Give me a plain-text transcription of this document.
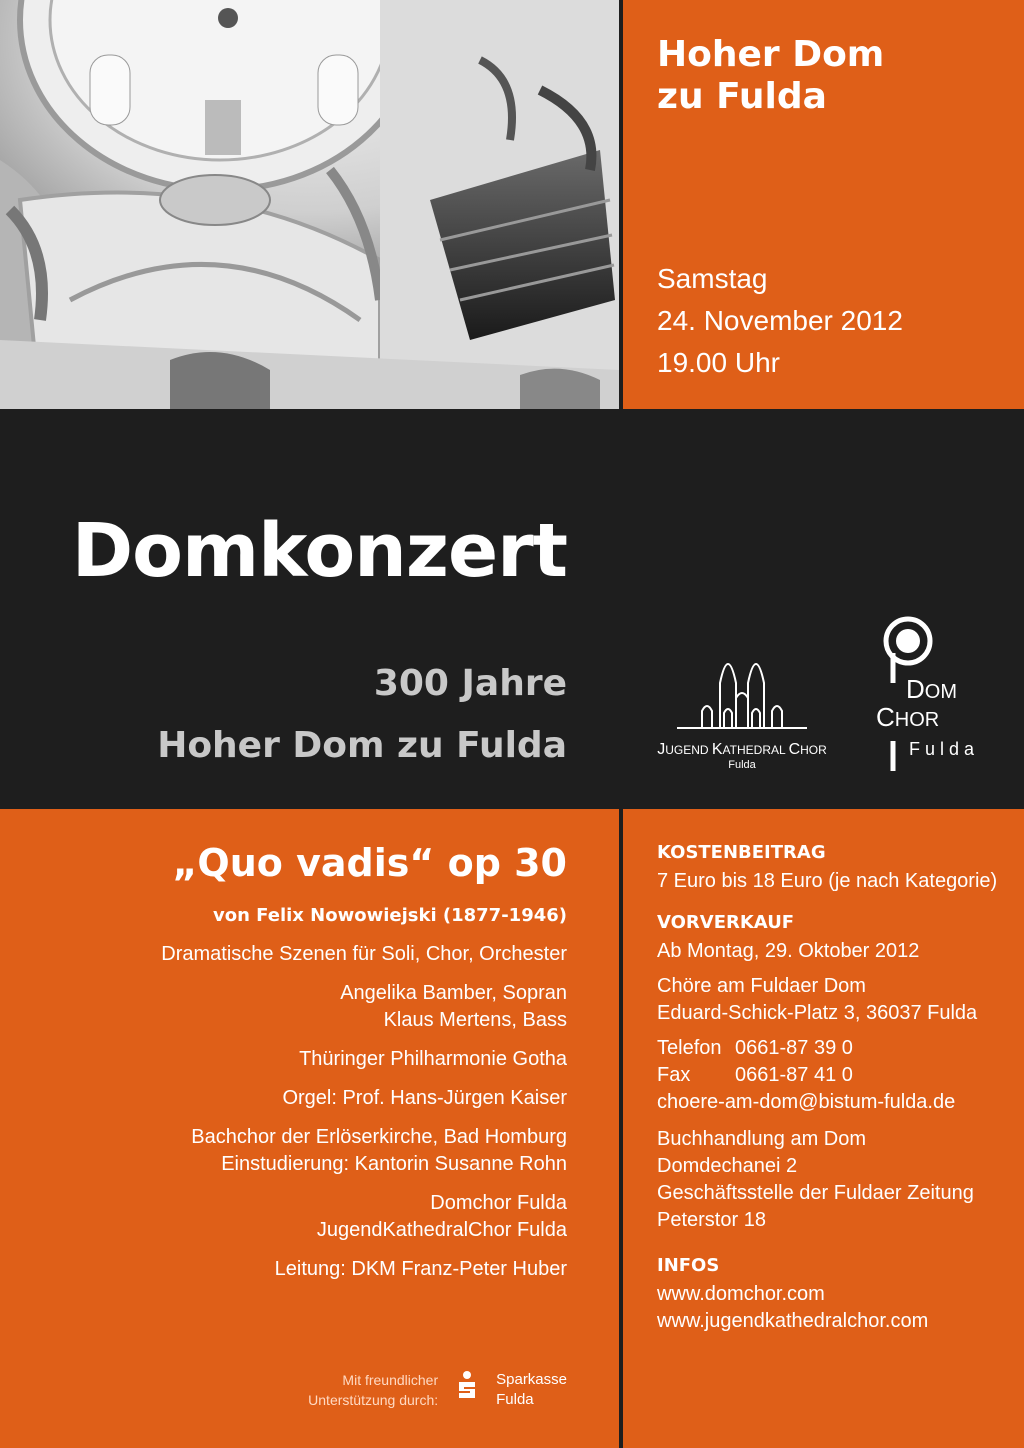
Hoher Dom
zu Fulda
Samstag
24. November 2012
19.00 Uhr
Domkonzert
300 Jahre
Hoher Dom zu Fulda	JUGEND KATHEDRAL CHOR
Fulda
DOM
CHOR
Fulda
„Quo vadis“ op 30
von Felix Nowowiejski (1877-1946)
Dramatische Szenen für Soli, Chor, Orchester
Angelika Bamber, Sopran
Klaus Mertens, Bass
Thüringer Philharmonie Gotha
Orgel: Prof. Hans-Jürgen Kaiser
Bachchor der Erlöserkirche, Bad Homburg
Einstudierung: Kantorin Susanne Rohn
Domchor Fulda
JugendKathedralChor Fulda
Leitung: DKM Franz-Peter Huber
Mit freundlicher
Unterstützung durch:
Sparkasse
Fulda
KOSTENBEITRAG
7 Euro bis 18 Euro (je nach Kategorie)
VORVERKAUF
Ab Montag, 29. Oktober 2012
Chöre am Fuldaer Dom
Eduard-Schick-Platz 3, 36037 Fulda
Telefon 0661-87 39 0
Fax	0661-87 41 0
choere-am-dom@bistum-fulda.de
Buchhandlung am Dom
Domdechanei 2
Geschäftsstelle der Fuldaer Zeitung
Peterstor 18
INFOS
www.domchor.com
www.jugendkathedralchor.com
